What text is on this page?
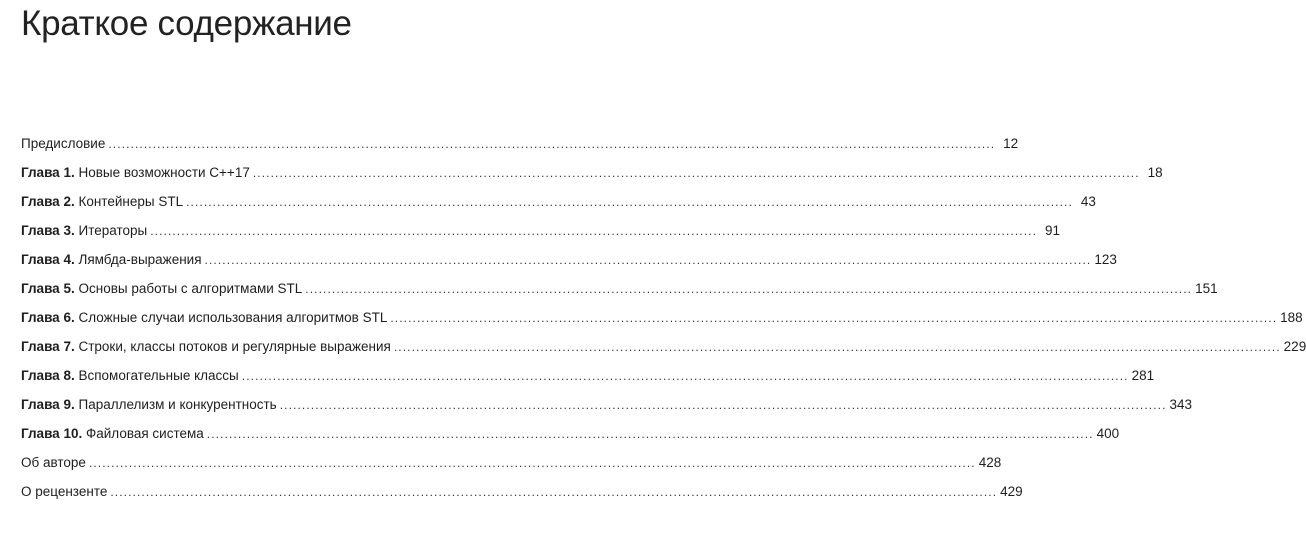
Краткое содержание
Предисловие ........................................................................................................................................................................................................ 12
Глава 1. Новые возможности C++17 ........................................................................................................................................................................................................ 18
Глава 2. Контейнеры STL ........................................................................................................................................................................................................ 43
Глава 3. Итераторы ........................................................................................................................................................................................................ 91
Глава 4. Лямбда-выражения ........................................................................................................................................................................................................ 123
Глава 5. Основы работы с алгоритмами STL ........................................................................................................................................................................................................ 151
Глава 6. Сложные случаи использования алгоритмов STL ........................................................................................................................................................................................................ 188
Глава 7. Строки, классы потоков и регулярные выражения ........................................................................................................................................................................................................ 229
Глава 8. Вспомогательные классы ........................................................................................................................................................................................................ 281
Глава 9. Параллелизм и конкурентность ........................................................................................................................................................................................................ 343
Глава 10. Файловая система ........................................................................................................................................................................................................ 400
Об авторе ........................................................................................................................................................................................................ 428
О рецензенте ........................................................................................................................................................................................................ 429
